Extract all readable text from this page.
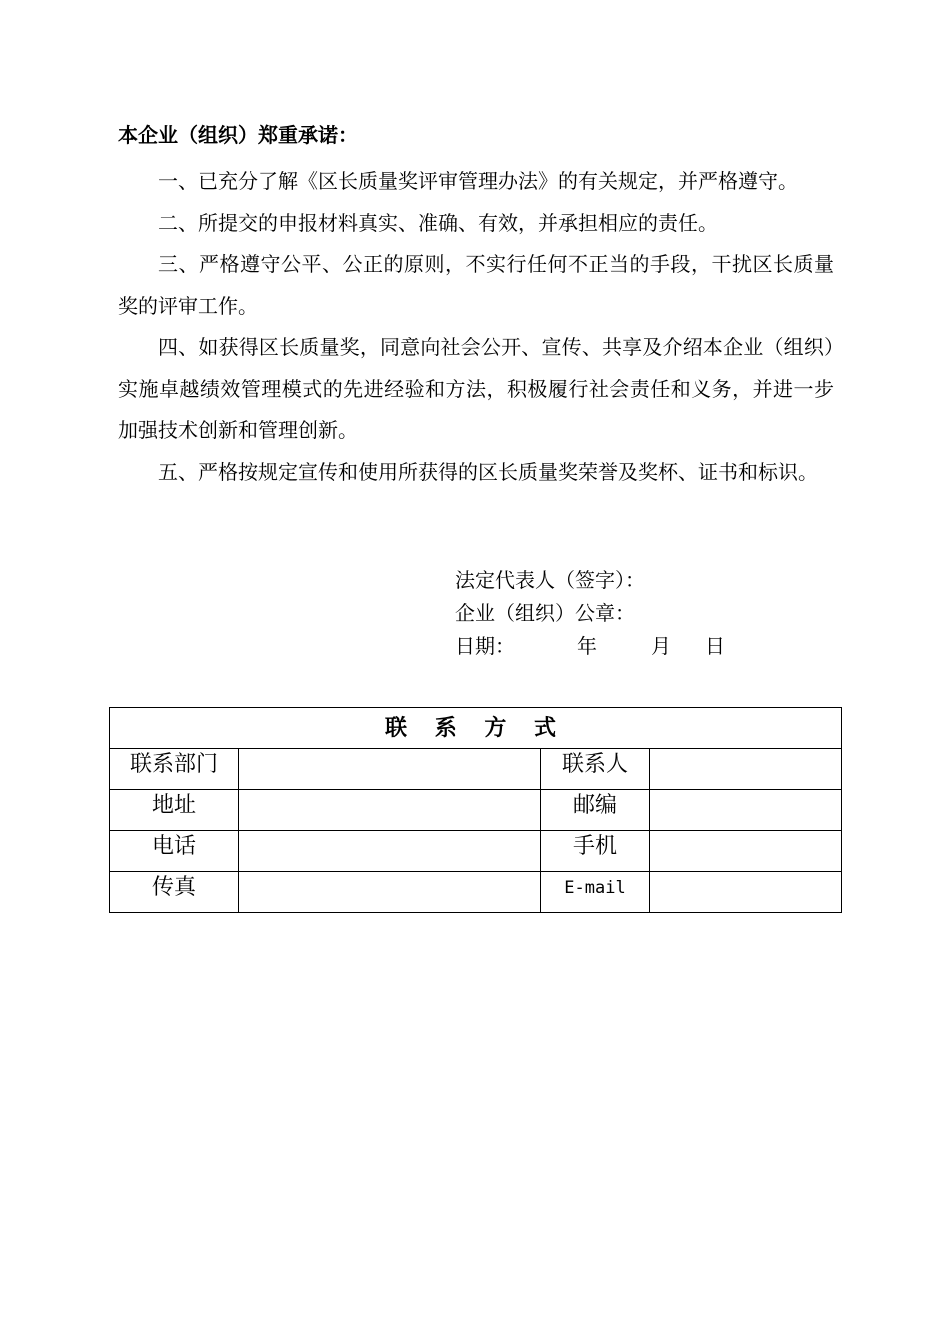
本企业（组织）郑重承诺：

一、已充分了解《区长质量奖评审管理办法》的有关规定，并严格遵守。

二、所提交的申报材料真实、准确、有效，并承担相应的责任。

三、严格遵守公平、公正的原则，不实行任何不正当的手段，干扰区长质量奖的评审工作。

四、如获得区长质量奖，同意向社会公开、宣传、共享及介绍本企业（组织）实施卓越绩效管理模式的先进经验和方法，积极履行社会责任和义务，并进一步加强技术创新和管理创新。

五、严格按规定宣传和使用所获得的区长质量奖荣誉及奖杯、证书和标识。

法定代表人（签字）：
企业（组织）公章：
日期：	年	月 日
联 系 方 式			
联系部门		联系人	
地址		邮编	
电话		手机	
传真		E-mail	
